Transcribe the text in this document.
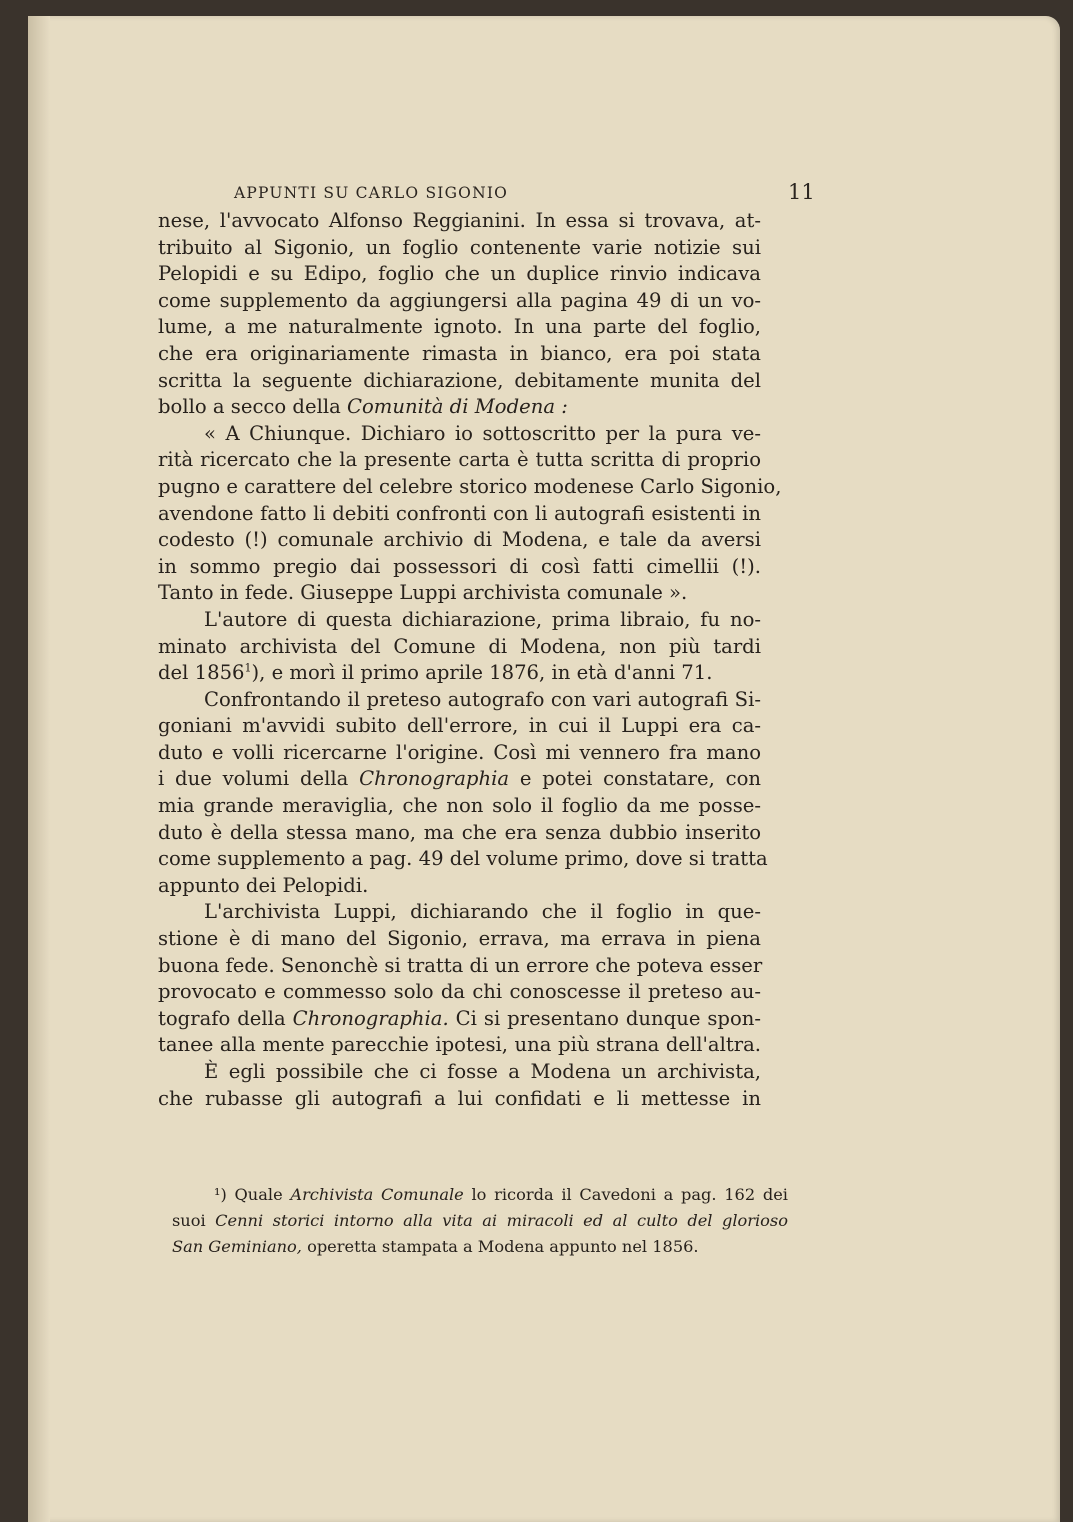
APPUNTI SU CARLO SIGONIO	11
nese, l'avvocato Alfonso Reggianini. In essa si trovava, at-
tribuito al Sigonio, un foglio contenente varie notizie sui
Pelopidi e su Edipo, foglio che un duplice rinvio indicava
come supplemento da aggiungersi alla pagina 49 di un vo-
lume, a me naturalmente ignoto. In una parte del foglio,
che era originariamente rimasta in bianco, era poi stata
scritta la seguente dichiarazione, debitamente munita del
bollo a secco della Comunità di Modena :
« A Chiunque. Dichiaro io sottoscritto per la pura ve-
rità ricercato che la presente carta è tutta scritta di proprio
pugno e carattere del celebre storico modenese Carlo Sigonio,
avendone fatto li debiti confronti con li autografi esistenti in
codesto (!) comunale archivio di Modena, e tale da aversi
in sommo pregio dai possessori di così fatti cimellii (!).
Tanto in fede. Giuseppe Luppi archivista comunale ».
L'autore di questa dichiarazione, prima libraio, fu no-
minato archivista del Comune di Modena, non più tardi
del 1856$^1$), e morì il primo aprile 1876, in età d'anni 71.
Confrontando il preteso autografo con vari autografi Si-
goniani m'avvidi subito dell'errore, in cui il Luppi era ca-
duto e volli ricercarne l'origine. Così mi vennero fra mano
i due volumi della Chronographia e potei constatare, con
mia grande meraviglia, che non solo il foglio da me posse-
duto è della stessa mano, ma che era senza dubbio inserito
come supplemento a pag. 49 del volume primo, dove si tratta
appunto dei Pelopidi.
L'archivista Luppi, dichiarando che il foglio in que-
stione è di mano del Sigonio, errava, ma errava in piena
buona fede. Senonchè si tratta di un errore che poteva esser
provocato e commesso solo da chi conoscesse il preteso au-
tografo della Chronographia. Ci si presentano dunque spon-
tanee alla mente parecchie ipotesi, una più strana dell'altra.
È egli possibile che ci fosse a Modena un archivista,
che rubasse gli autografi a lui confidati e li mettesse in
¹) Quale Archivista Comunale lo ricorda il Cavedoni a pag. 162 dei
suoi Cenni storici intorno alla vita ai miracoli ed al culto del glorioso
San Geminiano, operetta stampata a Modena appunto nel 1856.
